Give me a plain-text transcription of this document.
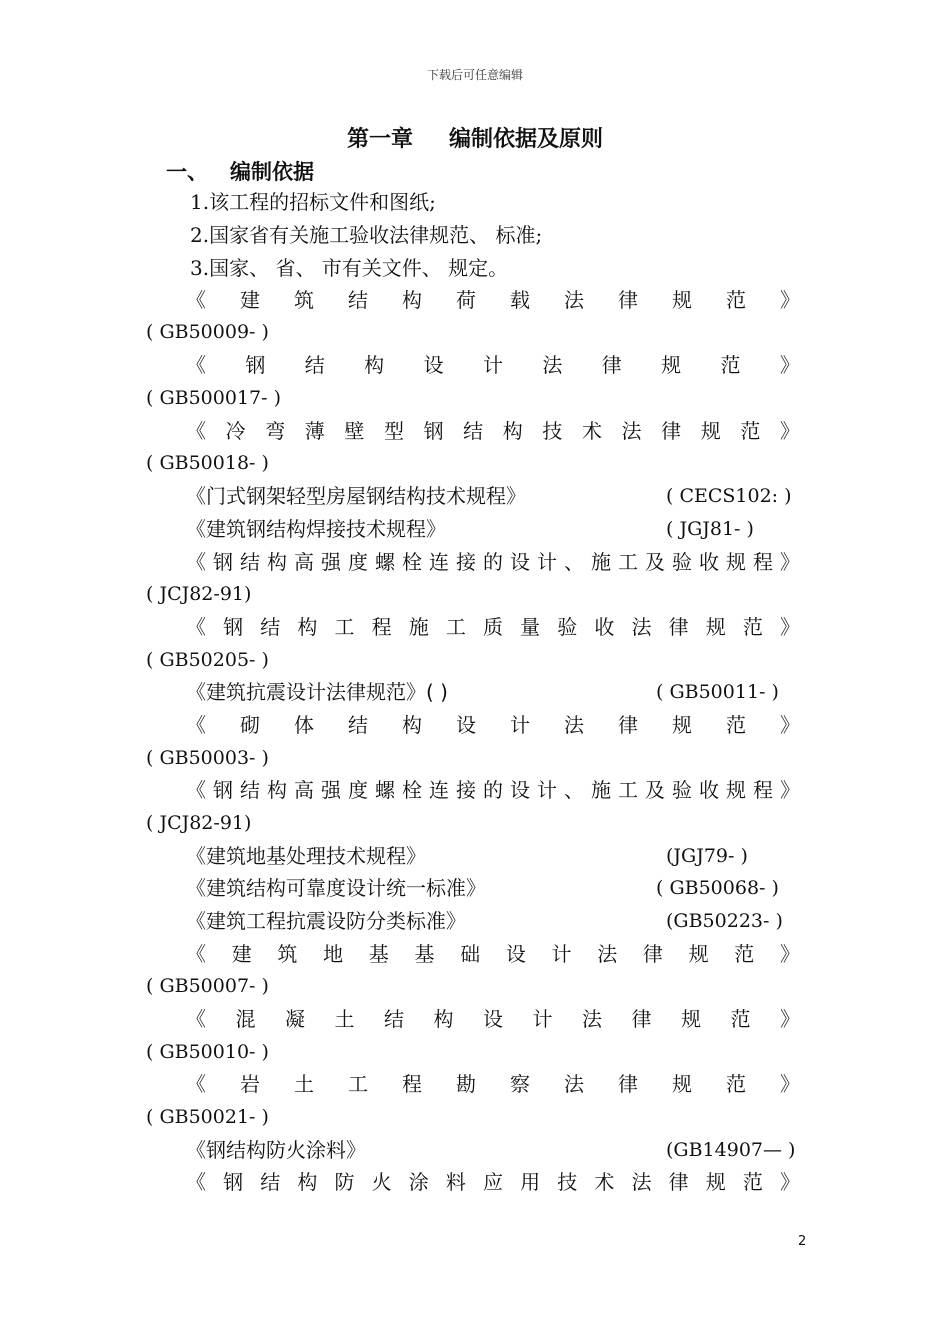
下载后可任意编辑
第一章 编制依据及原则
一、 编制依据
1.该工程的招标文件和图纸;
2.国家省有关施工验收法律规范、 标准;
3.国家、 省、 市有关文件、 规定。
《 建 筑 结 构 荷 载 法 律 规 范 》
( GB50009- )
《 钢 结 构 设 计 法 律 规 范 》
( GB500017- )
《 冷 弯 薄 壁 型 钢 结 构 技 术 法 律 规 范 》
( GB50018- )
《门式钢架轻型房屋钢结构技术规程》	( CECS102: )
《建筑钢结构焊接技术规程》	( JGJ81- )
《 钢 结 构 高 强 度 螺 栓 连 接 的 设 计 、 施 工 及 验 收 规 程 》
( JCJ82-91)
《 钢 结 构 工 程 施 工 质 量 验 收 法 律 规 范 》
( GB50205- )
《建筑抗震设计法律规范》( )	( GB50011- )
《 砌 体 结 构 设 计 法 律 规 范 》
( GB50003- )
《 钢 结 构 高 强 度 螺 栓 连 接 的 设 计 、 施 工 及 验 收 规 程 》
( JCJ82-91)
《建筑地基处理技术规程》	(JGJ79- )
《建筑结构可靠度设计统一标准》	( GB50068- )
《建筑工程抗震设防分类标准》	(GB50223- )
《 建 筑 地 基 基 础 设 计 法 律 规 范 》
( GB50007- )
《 混 凝 土 结 构 设 计 法 律 规 范 》
( GB50010- )
《 岩 土 工 程 勘 察 法 律 规 范 》
( GB50021- )
《钢结构防火涂料》	(GB14907— )
《 钢 结 构 防 火 涂 料 应 用 技 术 法 律 规 范 》
2
